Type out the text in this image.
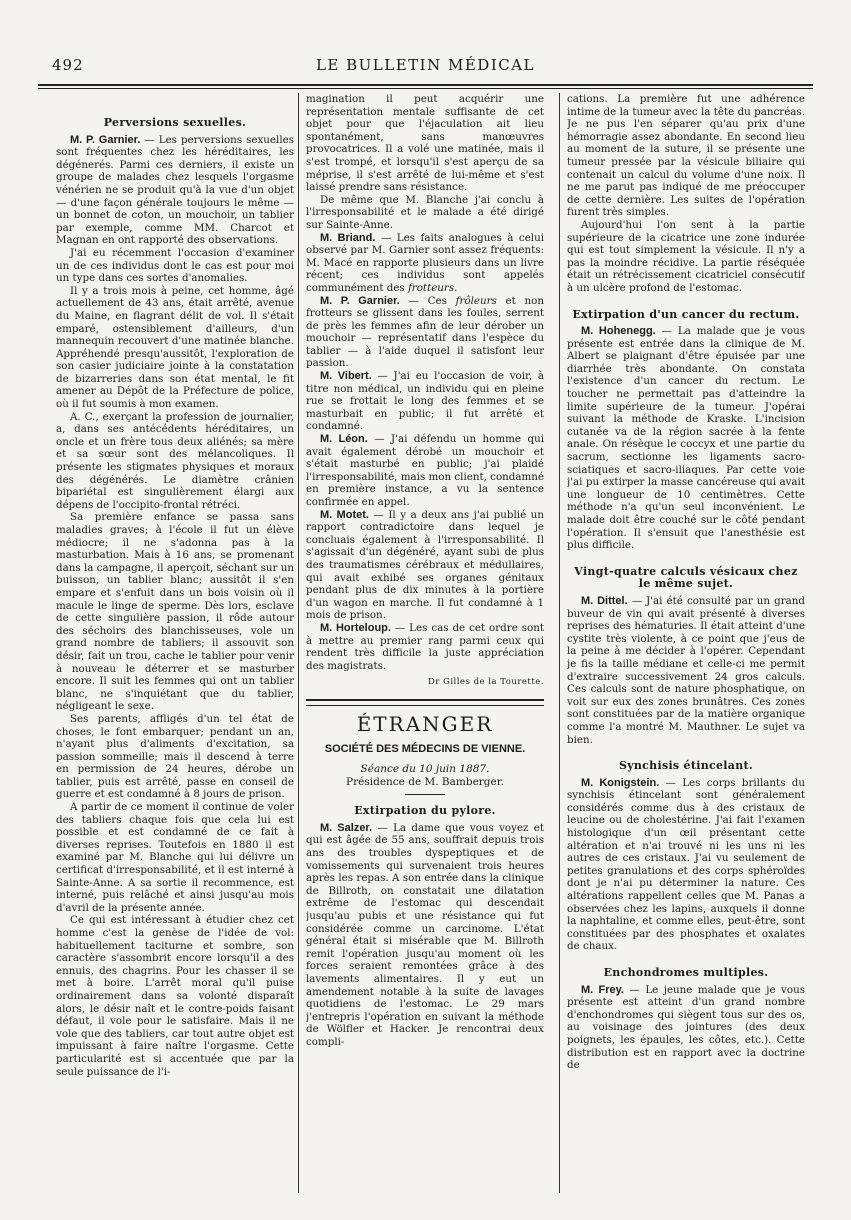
492	LE BULLETIN MÉDICAL
Perversions sexuelles.

M. P. Garnier. — Les perversions sexuelles sont fréquentes chez les héréditaires, les dégénerés. Parmi ces derniers, il existe un groupe de malades chez lesquels l'orgasme vénérien ne se produit qu'à la vue d'un objet — d'une façon générale toujours le même — un bonnet de coton, un mouchoir, un tablier par exemple, comme MM. Charcot et Magnan en ont rapporté des observations.

J'ai eu récemment l'occasion d'examiner un de ces individus dont le cas est pour moi un type dans ces sortes d'anomalies.

Il y a trois mois à peine, cet homme, âgé actuellement de 43 ans, était arrêté, avenue du Maine, en flagrant délit de vol. Il s'était emparé, ostensiblement d'ailleurs, d'un mannequin recouvert d'une matinée blanche. Appréhendé presqu'aussitôt, l'exploration de son casier judiciaire jointe à la constatation de bizarreries dans son état mental, le fit amener au Dépôt de la Préfecture de police, où il fut soumis à mon examen.

A. C., exerçant la profession de journalier, a, dans ses antécédents héréditaires, un oncle et un frère tous deux aliénés; sa mère et sa sœur sont des mélancoliques. Il présente les stigmates physiques et moraux des dégénérés. Le diamètre crânien bipariétal est singulièrement élargi aux dépens de l'occipito-frontal rétréci.

Sa première enfance se passa sans maladies graves; à l'école il fut un élève médiocre; il ne s'adonna pas à la masturbation. Mais à 16 ans, se promenant dans la campagne, il aperçoit, séchant sur un buisson, un tablier blanc; aussitôt il s'en empare et s'enfuit dans un bois voisin où il macule le linge de sperme. Dès lors, esclave de cette singulière passion, il rôde autour des séchoirs des blanchisseuses, vole un grand nombre de tabliers; il assouvit son désir, fait un trou, cache le tablier pour venir à nouveau le déterrer et se masturber encore. Il suit les femmes qui ont un tablier blanc, ne s'inquiétant que du tablier, négligeant le sexe.

Ses parents, affligés d'un tel état de choses, le font embarquer; pendant un an, n'ayant plus d'aliments d'excitation, sa passion sommeille; mais il descend à terre en permission de 24 heures, dérobe un tablier, puis est arrêté, passe en conseil de guerre et est condamné à 8 jours de prison.

A partir de ce moment il continue de voler des tabliers chaque fois que cela lui est possible et est condamné de ce fait à diverses reprises. Toutefois en 1880 il est examiné par M. Blanche qui lui délivre un certificat d'irresponsabilité, et il est interné à Sainte-Anne. A sa sortie il recommence, est interné, puis relâché et ainsi jusqu'au mois d'avril de la présente année.

Ce qui est intéressant à étudier chez cet homme c'est la genèse de l'idée de vol: habituellement taciturne et sombre, son caractère s'assombrit encore lorsqu'il a des ennuis, des chagrins. Pour les chasser il se met à boire. L'arrêt moral qu'il puise ordinairement dans sa volonté disparaît alors, le désir naît et le contre-poids faisant défaut, il vole pour le satisfaire. Mais il ne vole que des tabliers, car tout autre objet est impuissant à faire naître l'orgasme. Cette particularité est si accentuée que par la seule puissance de l'i-

magination il peut acquérir une représentation mentale suffisante de cet objet pour que l'éjaculation ait lieu spontanément, sans manœuvres provocatrices. Il a volé une matinée, mais il s'est trompé, et lorsqu'il s'est aperçu de sa méprise, il s'est arrêté de lui-même et s'est laissé prendre sans résistance.

De même que M. Blanche j'ai conclu à l'irresponsabilité et le malade a été dirigé sur Sainte-Anne.

M. Briand. — Les faits analogues à celui observé par M. Garnier sont assez fréquents: M. Macé en rapporte plusieurs dans un livre récent; ces individus sont appelés communément des frotteurs.

M. P. Garnier. — Ces frôleurs et non frotteurs se glissent dans les foules, serrent de près les femmes afin de leur dérober un mouchoir — représentatif dans l'espèce du tablier — à l'aide duquel il satisfont leur passion.

M. Vibert. — J'ai eu l'occasion de voir, à titre non médical, un individu qui en pleine rue se frottait le long des femmes et se masturbait en public; il fut arrêté et condamné.

M. Léon. — J'ai défendu un homme qui avait également dérobé un mouchoir et s'était masturbé en public; j'ai plaidé l'irresponsabilité, mais mon client, condamné en première instance, a vu la sentence confirmée en appel.

M. Motet. — Il y a deux ans j'ai publié un rapport contradictoire dans lequel je concluais également à l'irresponsabilité. Il s'agissait d'un dégénéré, ayant subi de plus des traumatismes cérébraux et médullaires, qui avait exhibé ses organes génitaux pendant plus de dix minutes à la portière d'un wagon en marche. Il fut condamné à 1 mois de prison.

M. Horteloup. — Les cas de cet ordre sont à mettre au premier rang parmi ceux qui rendent très difficile la juste appréciation des magistrats.

Dr Gilles de la Tourette.

ÉTRANGER
SOCIÉTÉ DES MÉDECINS DE VIENNE.
Séance du 10 juin 1887.
Présidence de M. Bamberger.
Extirpation du pylore.

M. Salzer. — La dame que vous voyez et qui est âgée de 55 ans, souffrait depuis trois ans des troubles dyspeptiques et de vomissements qui survenaient trois heures après les repas. A son entrée dans la clinique de Billroth, on constatait une dilatation extrême de l'estomac qui descendait jusqu'au pubis et une résistance qui fut considérée comme un carcinome. L'état général était si misérable que M. Billroth remit l'opération jusqu'au moment où les forces seraient remontées grâce à des lavements alimentaires. Il y eut un amendement notable à la suite de lavages quotidiens de l'estomac. Le 29 mars j'entrepris l'opération en suivant la méthode de Wölfler et Hacker. Je rencontrai deux compli-

cations. La première fut une adhérence intime de la tumeur avec la tête du pancréas. Je ne pus l'en séparer qu'au prix d'une hémorragie assez abondante. En second lieu au moment de la suture, il se présente une tumeur pressée par la vésicule biliaire qui contenait un calcul du volume d'une noix. Il ne me parut pas indiqué de me préoccuper de cette dernière. Les suites de l'opération furent très simples.

Aujourd'hui l'on sent à la partie supérieure de la cicatrice une zone indurée qui est tout simplement la vésicule. Il n'y a pas la moindre récidive. La partie réséquée était un rétrécissement cicatriciel consécutif à un ulcère profond de l'estomac.

Extirpation d'un cancer du rectum.

M. Hohenegg. — La malade que je vous présente est entrée dans la clinique de M. Albert se plaignant d'être épuisée par une diarrhée très abondante. On constata l'existence d'un cancer du rectum. Le toucher ne permettait pas d'atteindre la limite supérieure de la tumeur. J'opérai suivant la méthode de Kraske. L'incision cutanée va de la région sacrée à la fente anale. On résèque le coccyx et une partie du sacrum, sectionne les ligaments sacro-sciatiques et sacro-iliaques. Par cette voie j'ai pu extirper la masse cancéreuse qui avait une longueur de 10 centimètres. Cette méthode n'a qu'un seul inconvénient. Le malade doit être couché sur le côté pendant l'opération. Il s'ensuit que l'anesthésie est plus difficile.

Vingt-quatre calculs vésicaux chez le même sujet.

M. Dittel. — J'ai été consulté par un grand buveur de vin qui avait présenté à diverses reprises des hématuries. Il était atteint d'une cystite très violente, à ce point que j'eus de la peine à me décider à l'opérer. Cependant je fis la taille médiane et celle-ci me permit d'extraire successivement 24 gros calculs. Ces calculs sont de nature phosphatique, on voit sur eux des zones brunâtres. Ces zones sont constituées par de la matière organique comme l'a montré M. Mauthner. Le sujet va bien.

Synchisis étincelant.

M. Konigstein. — Les corps brillants du synchisis étincelant sont généralement considérés comme dus à des cristaux de leucine ou de cholestérine. J'ai fait l'examen histologique d'un œil présentant cette altération et n'ai trouvé ni les uns ni les autres de ces cristaux. J'ai vu seulement de petites granulations et des corps sphéroïdes dont je n'ai pu déterminer la nature. Ces altérations rappellent celles que M. Panas a observées chez les lapins, auxquels il donne la naphtaline, et comme elles, peut-être, sont constituées par des phosphates et oxalates de chaux.

Enchondromes multiples.

M. Frey. — Le jeune malade que je vous présente est atteint d'un grand nombre d'enchondromes qui siègent tous sur des os, au voisinage des jointures (des deux poignets, les épaules, les côtes, etc.). Cette distribution est en rapport avec la doctrine de
